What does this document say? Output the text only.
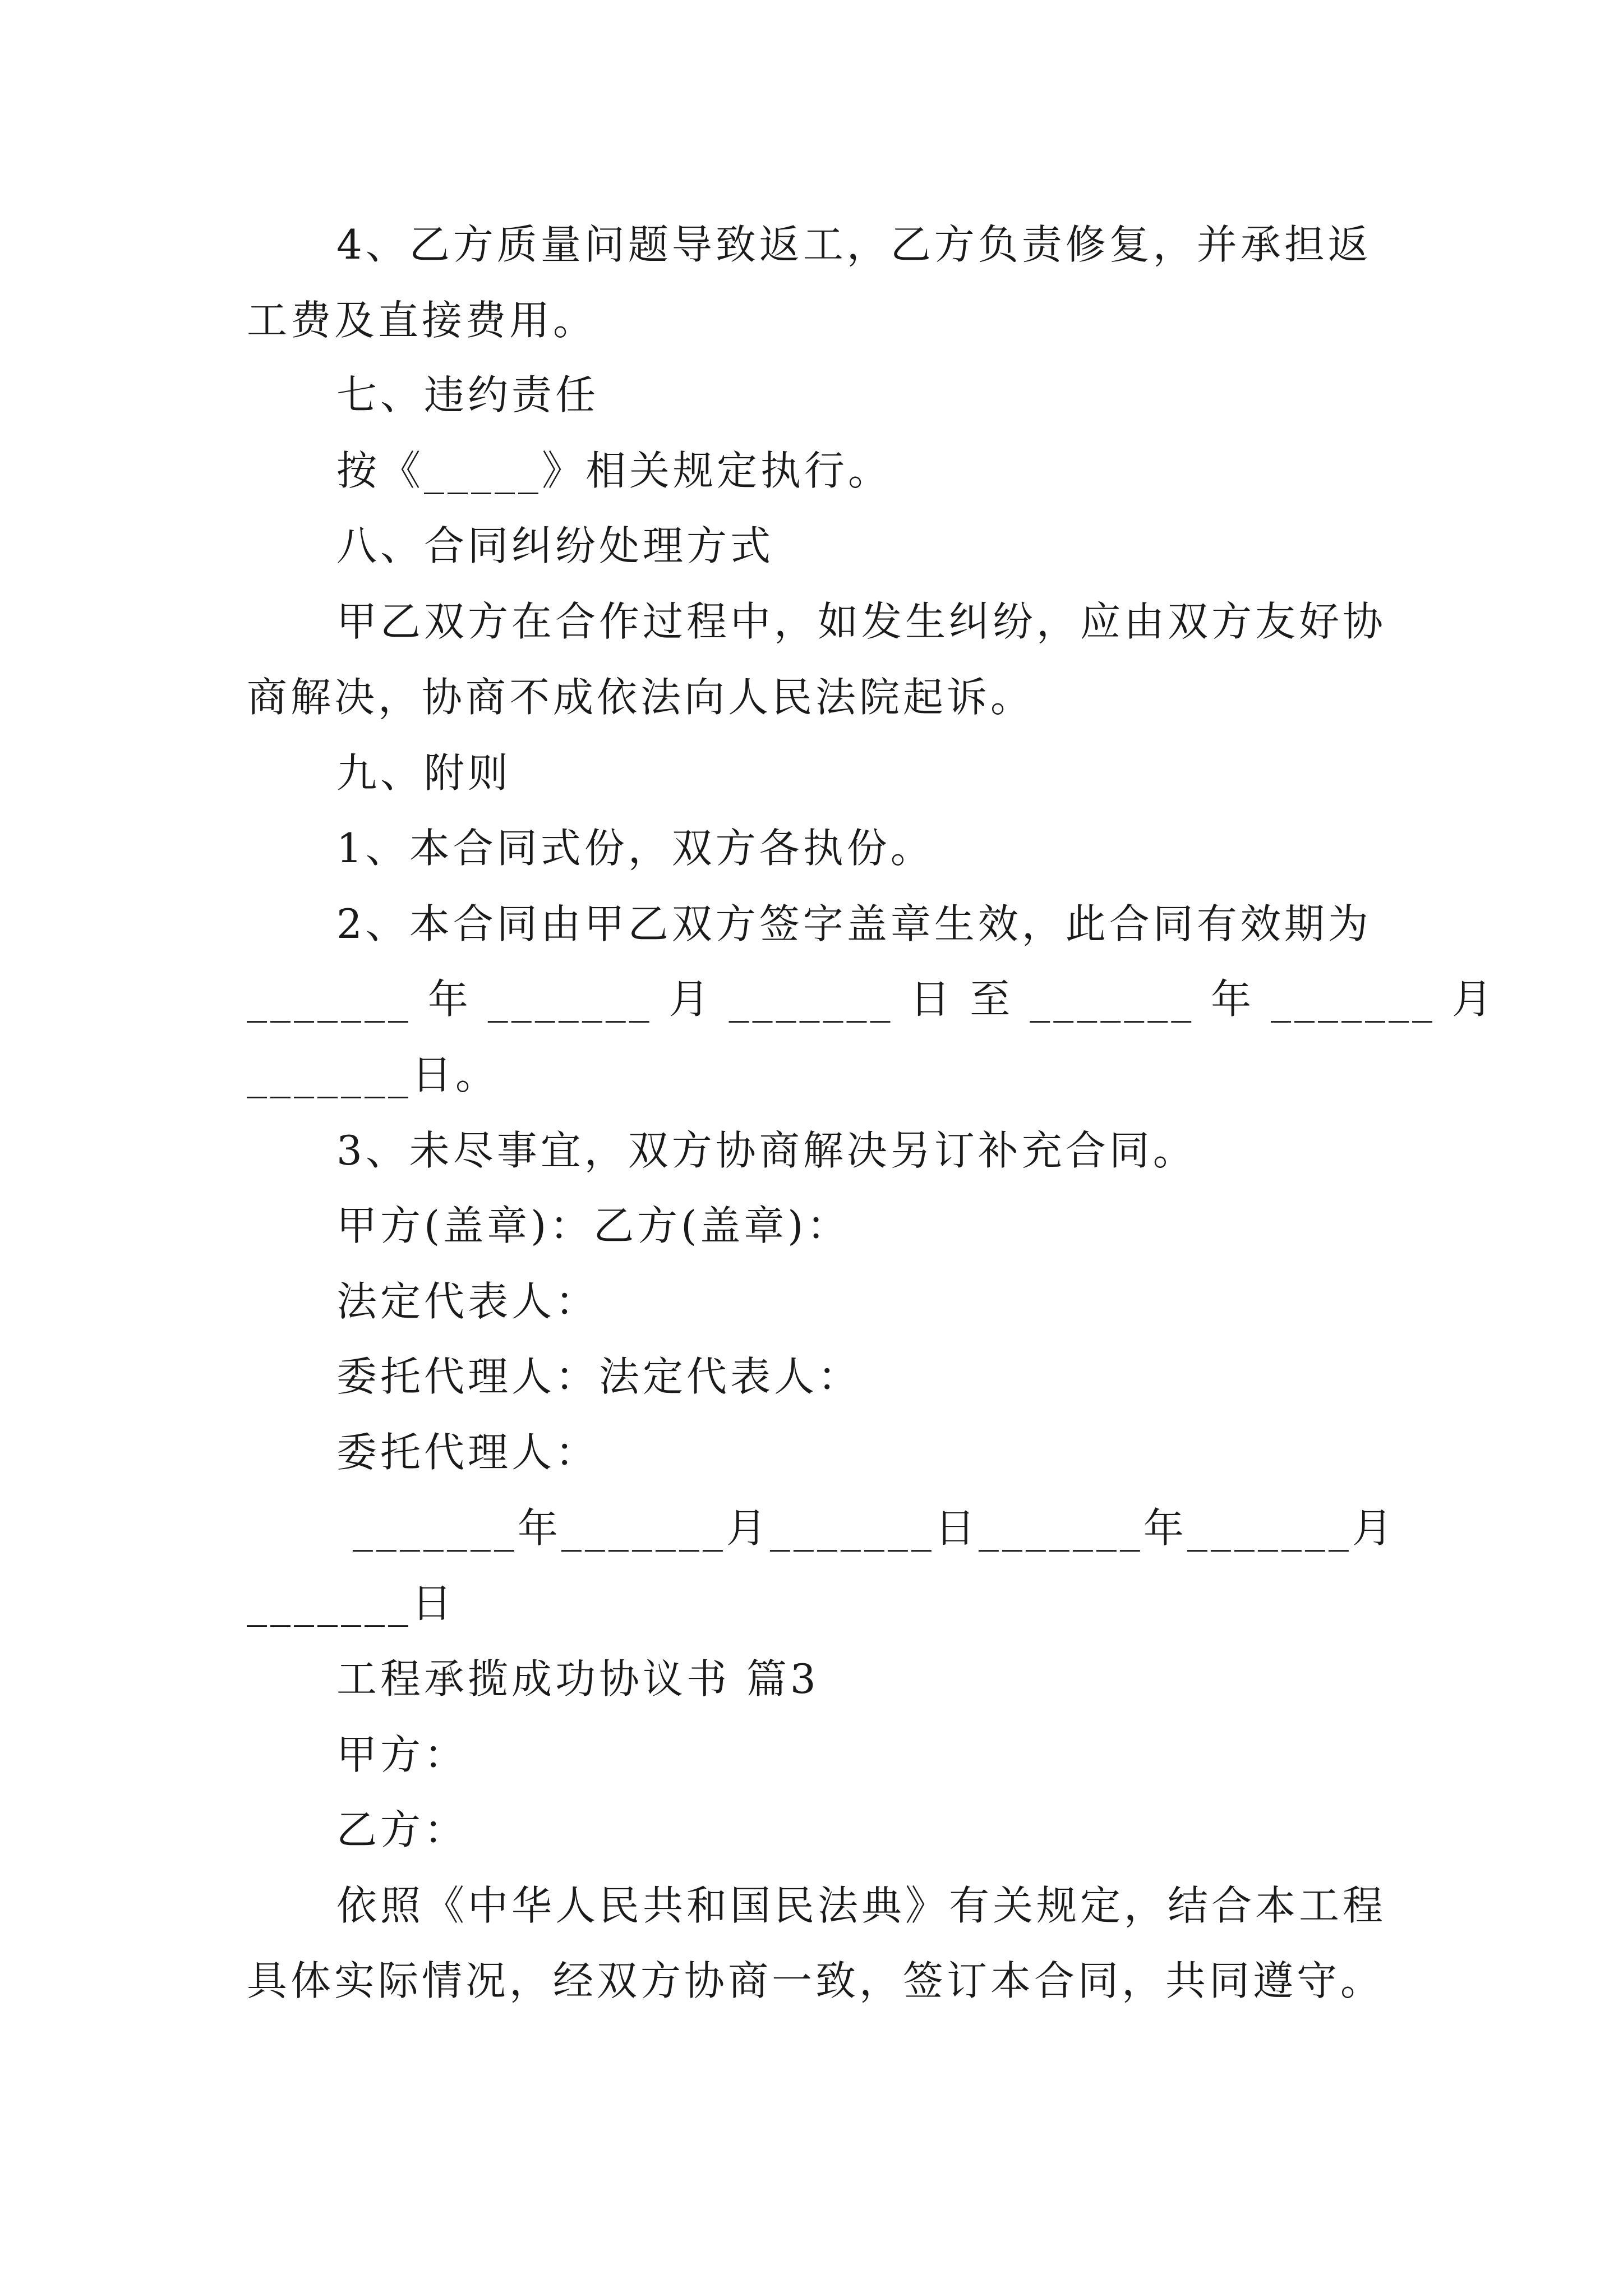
4、乙方质量问题导致返工，乙方负责修复，并承担返
工费及直接费用。
七、违约责任
按《_____》相关规定执行。
八、合同纠纷处理方式
甲乙双方在合作过程中，如发生纠纷，应由双方友好协
商解决，协商不成依法向人民法院起诉。
九、附则
1、本合同式份，双方各执份。
2、本合同由甲乙双方签字盖章生效，此合同有效期为
_______ 年 _______ 月 _______ 日 至 _______ 年 _______ 月
_______日。
3、未尽事宜，双方协商解决另订补充合同。
甲方(盖章)：乙方(盖章)：
法定代表人：
委托代理人：法定代表人：
委托代理人：
_______年_______月_______日_______年_______月
_______日
工程承揽成功协议书 篇3
甲方：
乙方：
依照《中华人民共和国民法典》有关规定，结合本工程
具体实际情况，经双方协商一致，签订本合同，共同遵守。
